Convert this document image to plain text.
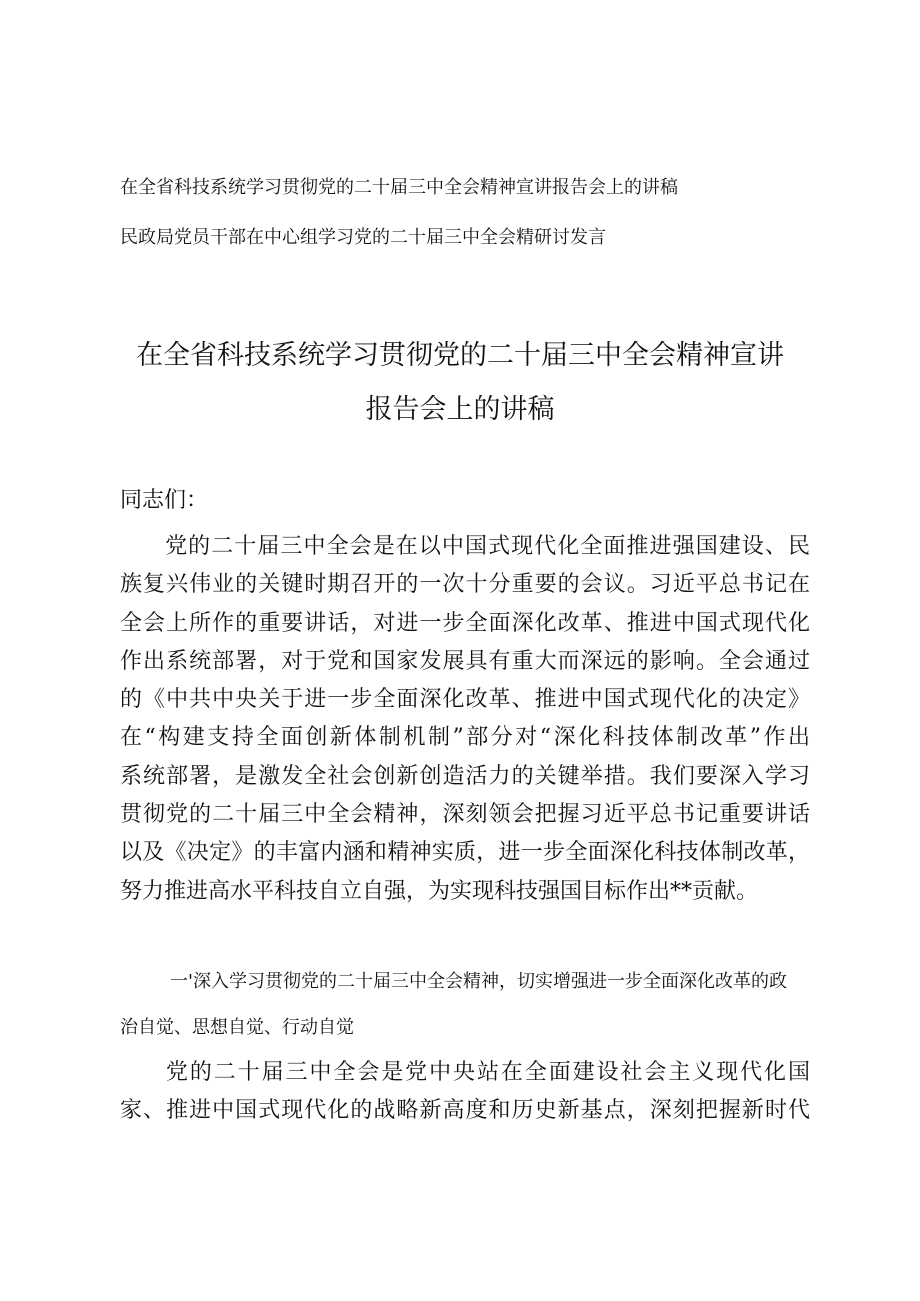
在全省科技系统学习贯彻党的二十届三中全会精神宣讲报告会上的讲稿
民政局党员干部在中心组学习党的二十届三中全会精研讨发言
在全省科技系统学习贯彻党的二十届三中全会精神宣讲
报告会上的讲稿
同志们：
党的二十届三中全会是在以中国式现代化全面推进强国建设、民
族复兴伟业的关键时期召开的一次十分重要的会议。习近平总书记在
全会上所作的重要讲话，对进一步全面深化改革、推进中国式现代化
作出系统部署，对于党和国家发展具有重大而深远的影响。全会通过
的《中共中央关于进一步全面深化改革、推进中国式现代化的决定》
在“构建支持全面创新体制机制”部分对“深化科技体制改革”作出
系统部署，是激发全社会创新创造活力的关键举措。我们要深入学习
贯彻党的二十届三中全会精神，深刻领会把握习近平总书记重要讲话
以及《决定》的丰富内涵和精神实质，进一步全面深化科技体制改革，
努力推进高水平科技自立自强，为实现科技强国目标作出**贡献。
一'深入学习贯彻党的二十届三中全会精神，切实增强进一步全面深化改革的政
治自觉、思想自觉、行动自觉
党的二十届三中全会是党中央站在全面建设社会主义现代化国
家、推进中国式现代化的战略新高度和历史新基点，深刻把握新时代
